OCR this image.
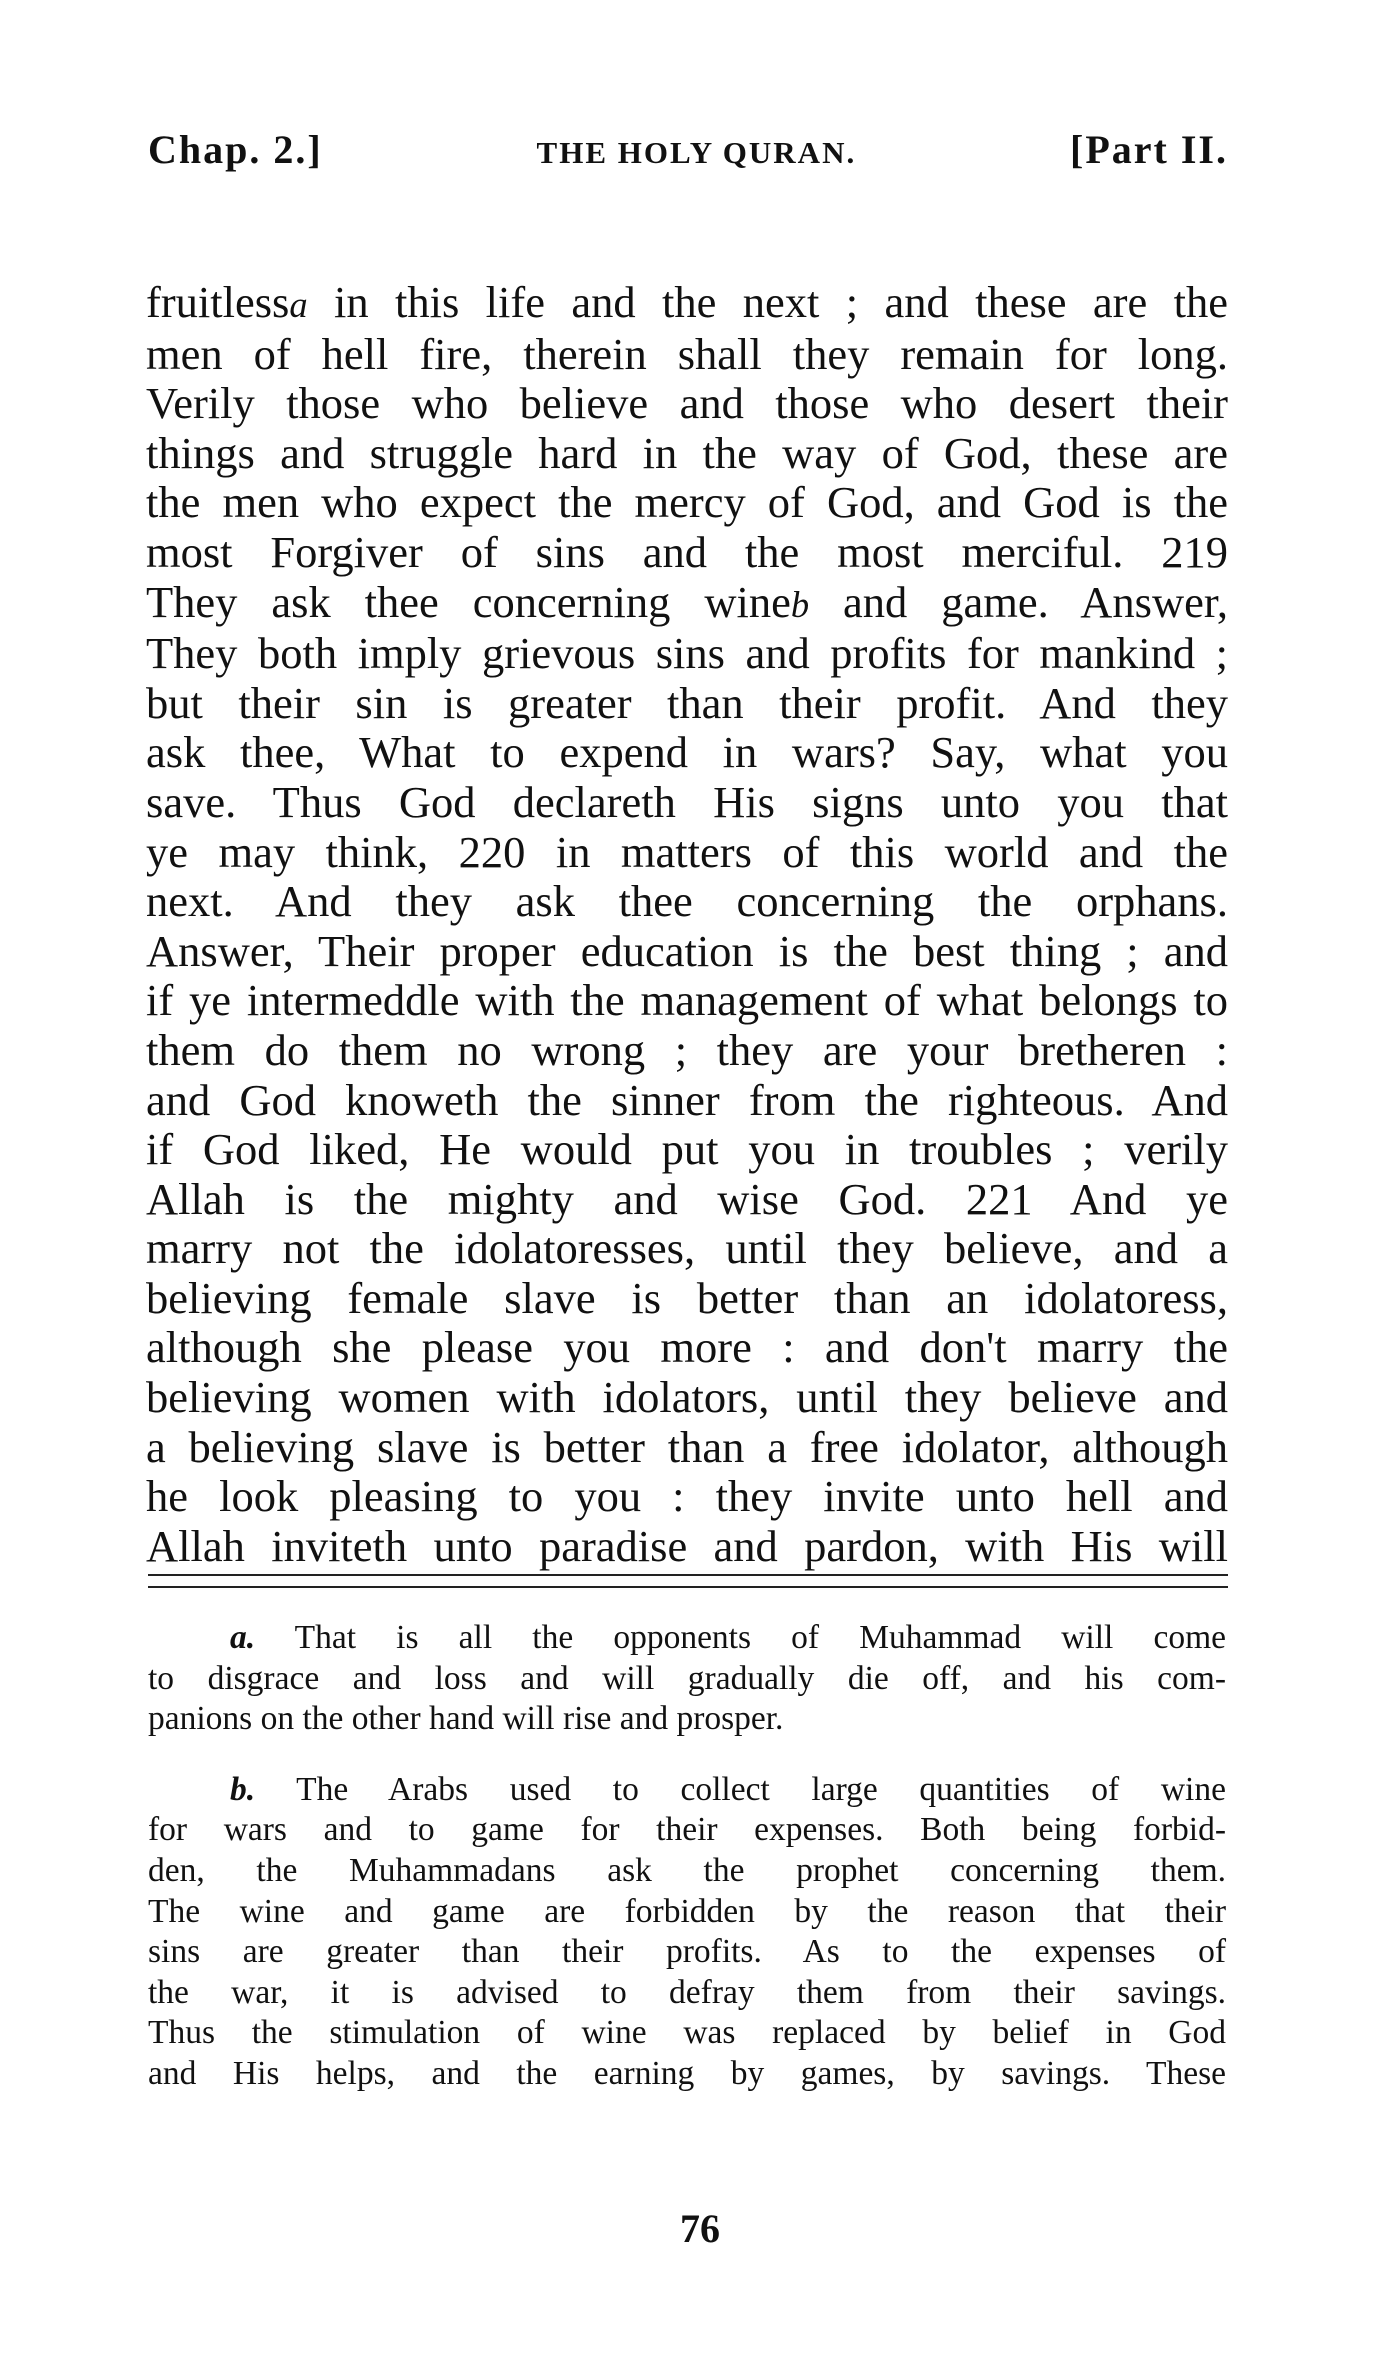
Chap. 2.]	THE HOLY QURAN.	[Part II.
fruitlessa in this life and the next ; and these are the
men of hell fire, therein shall they remain for long.
Verily those who believe and those who desert their
things and struggle hard in the way of God, these are
the men who expect the mercy of God, and God is the
most Forgiver of sins and the most merciful. 219
They ask thee concerning wineb and game. Answer,
They both imply grievous sins and profits for mankind ;
but their sin is greater than their profit. And they
ask thee, What to expend in wars? Say, what you
save. Thus God declareth His signs unto you that
ye may think, 220 in matters of this world and the
next. And they ask thee concerning the orphans.
Answer, Their proper education is the best thing ; and
if ye intermeddle with the management of what belongs to
them do them no wrong ; they are your bretheren :
and God knoweth the sinner from the righteous. And
if God liked, He would put you in troubles ; verily
Allah is the mighty and wise God. 221 And ye
marry not the idolatoresses, until they believe, and a
believing female slave is better than an idolatoress,
although she please you more : and don't marry the
believing women with idolators, until they believe and
a believing slave is better than a free idolator, although
he look pleasing to you : they invite unto hell and
Allah inviteth unto paradise and pardon, with His will
a. That is all the opponents of Muhammad will come
to disgrace and loss and will gradually die off, and his com-
panions on the other hand will rise and prosper.
b. The Arabs used to collect large quantities of wine
for wars and to game for their expenses. Both being forbid-
den, the Muhammadans ask the prophet concerning them.
The wine and game are forbidden by the reason that their
sins are greater than their profits. As to the expenses of
the war, it is advised to defray them from their savings.
Thus the stimulation of wine was replaced by belief in God
and His helps, and the earning by games, by savings. These
76
